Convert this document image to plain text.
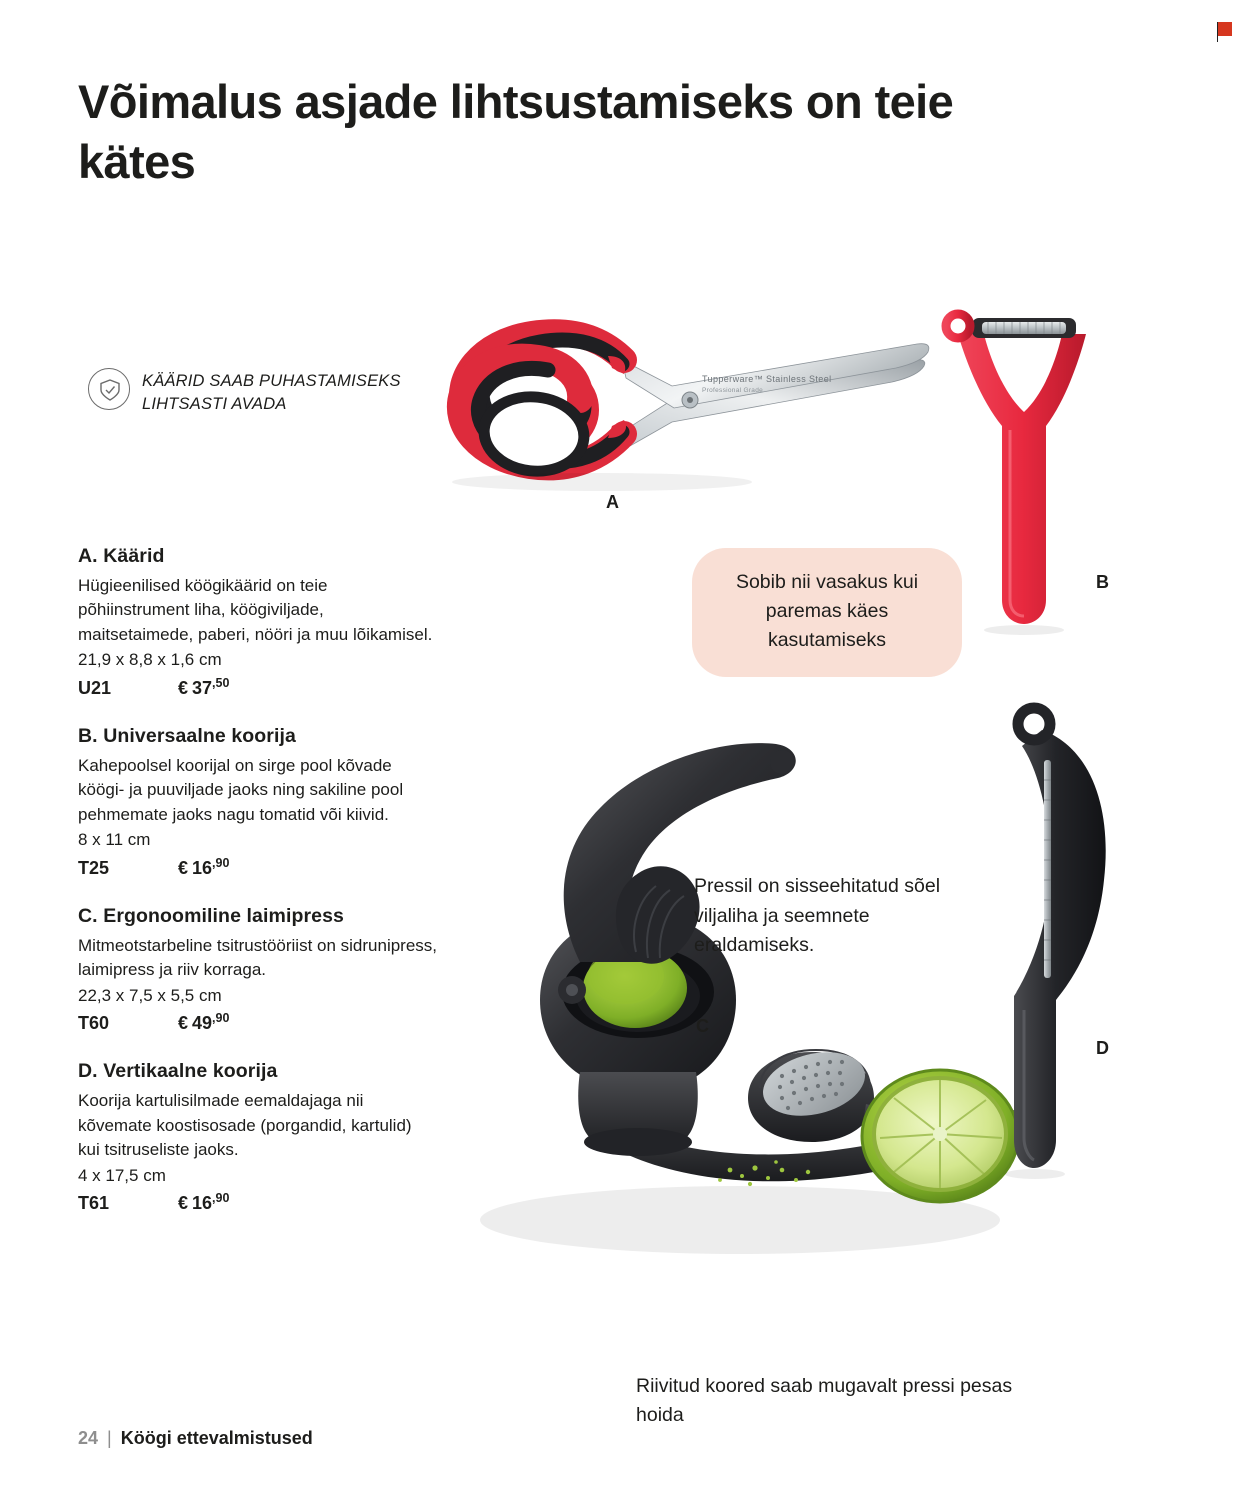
Võimalus asjade lihtsustamiseks on teie kätes
Tupperware™ Stainless Steel
Professional Grade
KÄÄRID SAAB PUHASTAMISEKS LIHTSASTI AVADA
A
B
Sobib nii vasakus kui paremas käes kasutamiseks
A. Käärid

Hügieenilised köögikäärid on teie põhiinstrument liha, köögiviljade, maitsetaimede, paberi, nööri ja muu lõikamisel.

21,9 x 8,8 x 1,6 cm
U21	€ $37^{,50}$
B. Universaalne koorija

Kahepoolsel koorijal on sirge pool kõvade köögi- ja puuviljade jaoks ning sakiline pool pehmemate jaoks nagu tomatid või kiivid.

8 x 11 cm
T25	€ $16^{,90}$
C. Ergonoomiline laimipress

Mitmeotstarbeline tsitrustööriist on sidrunipress, laimipress ja riiv korraga.

22,3 x 7,5 x 5,5 cm
T60	€ $49^{,90}$
D. Vertikaalne koorija

Koorija kartulisilmade eemaldajaga nii kõvemate koostisosade (porgandid, kartulid) kui tsitruseliste jaoks.

4 x 17,5 cm
T61	€ $16^{,90}$
Pressil on sisseehitatud sõel viljaliha ja seemnete eraldamiseks.
C
D
Riivitud koored saab mugavalt pressi pesas hoida
24 | Köögi ettevalmistused
